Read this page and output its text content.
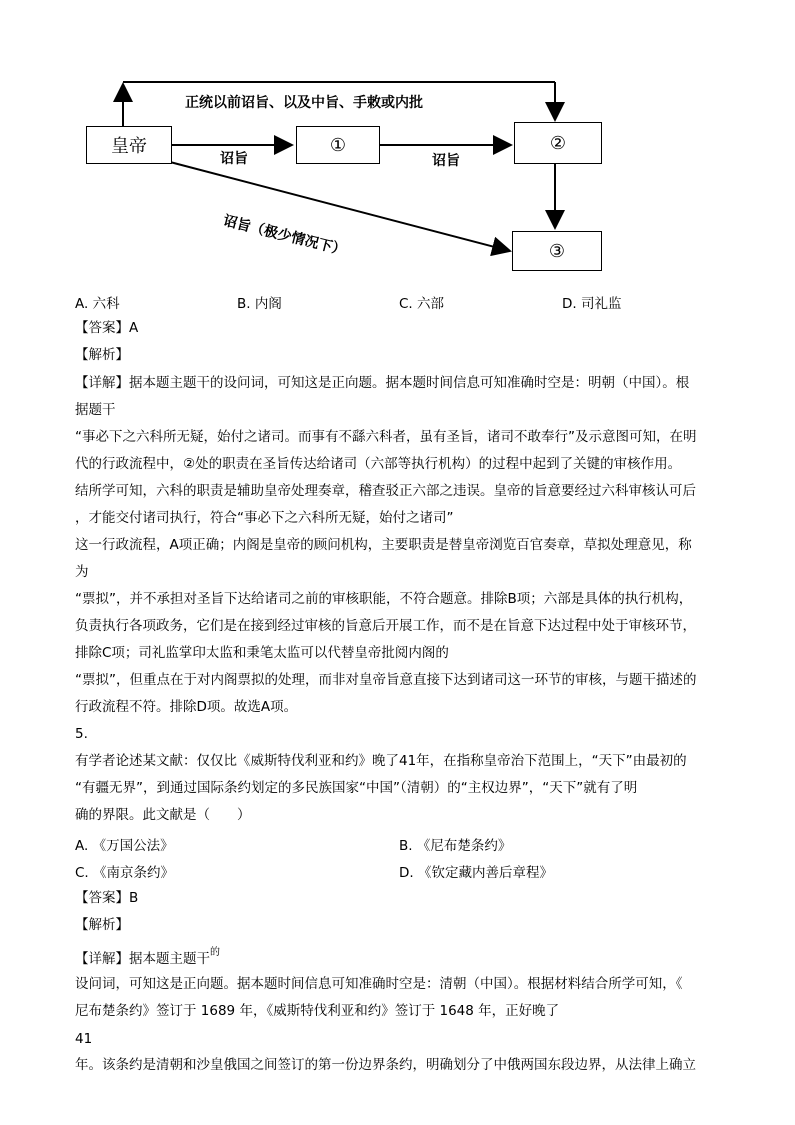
皇帝	①	②
③
正统以前诏旨、以及中旨、手敕或内批
诏旨	诏旨
诏旨（极少情况下）
A. 六科	B. 内阁	C. 六部	D. 司礼监
【答案】A
【解析】
【详解】据本题主题干的设问词，可知这是正向题。据本题时间信息可知准确时空是：明朝（中国）。根
据题干
“事必下之六科所无疑，始付之诸司。而事有不繇六科者，虽有圣旨，诸司不敢奉行”及示意图可知，在明
代的行政流程中，②处的职责在圣旨传达给诸司（六部等执行机构）的过程中起到了关键的审核作用。
结所学可知，六科的职责是辅助皇帝处理奏章，稽查驳正六部之违误。皇帝的旨意要经过六科审核认可后
，才能交付诸司执行，符合“事必下之六科所无疑，始付之诸司”
这一行政流程，A项正确；内阁是皇帝的顾问机构，主要职责是替皇帝浏览百官奏章，草拟处理意见，称
为
“票拟”，并不承担对圣旨下达给诸司之前的审核职能，不符合题意。排除B项；六部是具体的执行机构，
负责执行各项政务，它们是在接到经过审核的旨意后开展工作，而不是在旨意下达过程中处于审核环节，
排除C项；司礼监掌印太监和秉笔太监可以代替皇帝批阅内阁的
“票拟”，但重点在于对内阁票拟的处理，而非对皇帝旨意直接下达到诸司这一环节的审核，与题干描述的
行政流程不符。排除D项。故选A项。
5.
有学者论述某文献：仅仅比《威斯特伐利亚和约》晚了41年，在指称皇帝治下范围上，“天下”由最初的
“有疆无界”，到通过国际条约划定的多民族国家“中国”（清朝）的“主权边界”，“天下”就有了明
确的界限。此文献是（　　）
A. 《万国公法》	B. 《尼布楚条约》
C. 《南京条约》	D. 《钦定藏内善后章程》
【答案】B
【解析】
【详解】据本题主题干$^的$
设问词，可知这是正向题。据本题时间信息可知准确时空是：清朝（中国）。根据材料结合所学可知，《
尼布楚条约》签订于 1689 年，《威斯特伐利亚和约》签订于 1648 年，正好晚了
41
年。该条约是清朝和沙皇俄国之间签订的第一份边界条约，明确划分了中俄两国东段边界，从法律上确立
